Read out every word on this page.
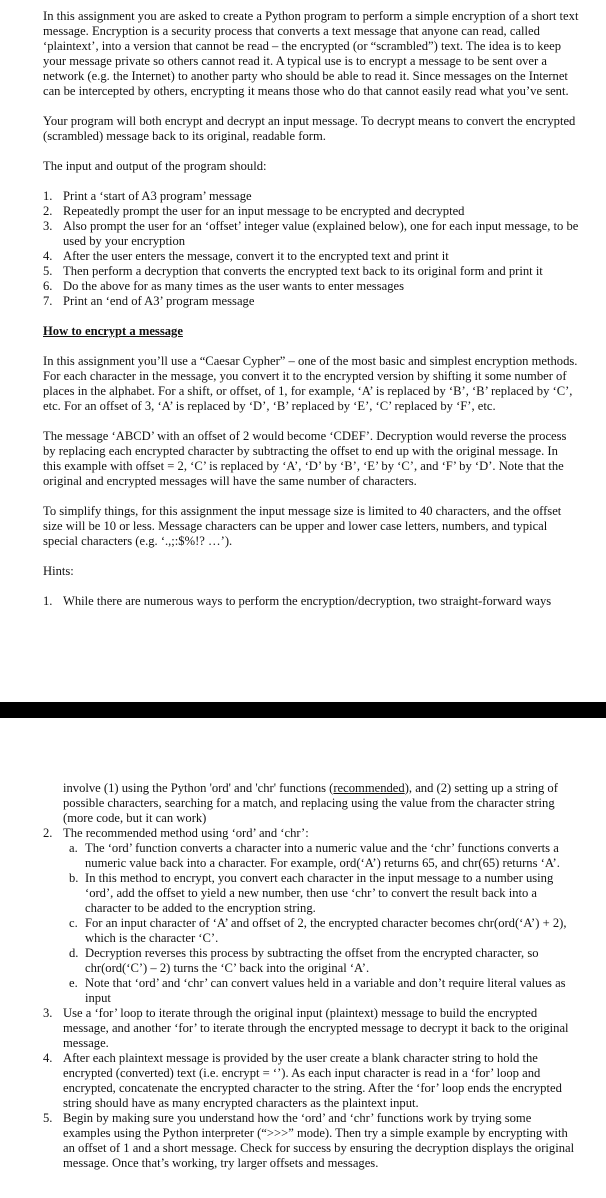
In this assignment you are asked to create a Python program to perform a simple encryption of a short text message. Encryption is a security process that converts a text message that anyone can read, called ‘plaintext’, into a version that cannot be read – the encrypted (or “scrambled”) text. The idea is to keep your message private so others cannot read it. A typical use is to encrypt a message to be sent over a network (e.g. the Internet) to another party who should be able to read it. Since messages on the Internet can be intercepted by others, encrypting it means those who do that cannot easily read what you’ve sent.

Your program will both encrypt and decrypt an input message. To decrypt means to convert the encrypted (scrambled) message back to its original, readable form.

The input and output of the program should:

1. Print a ‘start of A3 program’ message
2. Repeatedly prompt the user for an input message to be encrypted and decrypted
3. Also prompt the user for an ‘offset’ integer value (explained below), one for each input message, to be used by your encryption
4. After the user enters the message, convert it to the encrypted text and print it
5. Then perform a decryption that converts the encrypted text back to its original form and print it
6. Do the above for as many times as the user wants to enter messages
7. Print an ‘end of A3’ program message

How to encrypt a message

In this assignment you’ll use a “Caesar Cypher” – one of the most basic and simplest encryption methods. For each character in the message, you convert it to the encrypted version by shifting it some number of places in the alphabet. For a shift, or offset, of 1, for example, ‘A’ is replaced by ‘B’, ‘B’ replaced by ‘C’, etc. For an offset of 3, ‘A’ is replaced by ‘D’, ‘B’ replaced by ‘E’, ‘C’ replaced by ‘F’, etc.

The message ‘ABCD’ with an offset of 2 would become ‘CDEF’. Decryption would reverse the process by replacing each encrypted character by subtracting the offset to end up with the original message. In this example with offset = 2, ‘C’ is replaced by ‘A’, ‘D’ by ‘B’, ‘E’ by ‘C’, and ‘F’ by ‘D’. Note that the original and encrypted messages will have the same number of characters.

To simplify things, for this assignment the input message size is limited to 40 characters, and the offset size will be 10 or less. Message characters can be upper and lower case letters, numbers, and typical special characters (e.g. ‘.,;:$%!? …’).

Hints:

1. While there are numerous ways to perform the encryption/decryption, two straight-forward ways

involve (1) using the Python 'ord' and 'chr' functions (recommended), and (2) setting up a string of possible characters, searching for a match, and replacing using the value from the character string (more code, but it can work)

2. The recommended method using ‘ord’ and ‘chr’:
a. The ‘ord’ function converts a character into a numeric value and the ‘chr’ functions converts a numeric value back into a character. For example, ord(‘A’) returns 65, and chr(65) returns ‘A’.
b. In this method to encrypt, you convert each character in the input message to a number using ‘ord’, add the offset to yield a new number, then use ‘chr’ to convert the result back into a character to be added to the encryption string.
c. For an input character of ‘A’ and offset of 2, the encrypted character becomes chr(ord(‘A’) + 2), which is the character ‘C’.
d. Decryption reverses this process by subtracting the offset from the encrypted character, so chr(ord(‘C’) – 2) turns the ‘C’ back into the original ‘A’.
e. Note that ‘ord’ and ‘chr’ can convert values held in a variable and don’t require literal values as input
3. Use a ‘for’ loop to iterate through the original input (plaintext) message to build the encrypted message, and another ‘for’ to iterate through the encrypted message to decrypt it back to the original message.
4. After each plaintext message is provided by the user create a blank character string to hold the encrypted (converted) text (i.e. encrypt = ‘’). As each input character is read in a ‘for’ loop and encrypted, concatenate the encrypted character to the string. After the ‘for’ loop ends the encrypted string should have as many encrypted characters as the plaintext input.
5. Begin by making sure you understand how the ‘ord’ and ‘chr’ functions work by trying some examples using the Python interpreter (“>>>” mode). Then try a simple example by encrypting with an offset of 1 and a short message. Check for success by ensuring the decryption displays the original message. Once that’s working, try larger offsets and messages.
